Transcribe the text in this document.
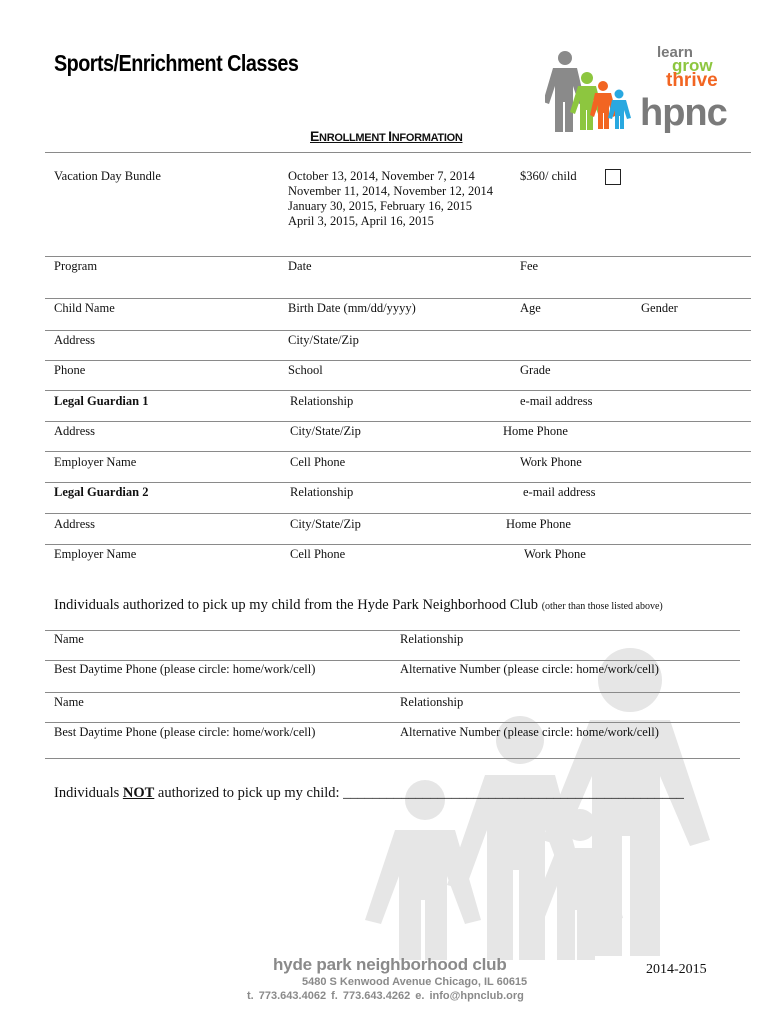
Sports/Enrichment Classes	learn
grow
thrive
hpnc
ENROLLMENT INFORMATION
Vacation Day Bundle	October 13, 2014, November 7, 2014
November 11, 2014, November 12, 2014
January 30, 2015, February 16, 2015
April 3, 2015, April 16, 2015
$360/ child
Program	Date	Fee
Child Name	Birth Date (mm/dd/yyyy)	Age	Gender
Address	City/State/Zip
Phone	School	Grade
Legal Guardian 1	Relationship	e-mail address
Address	City/State/Zip	Home Phone
Employer Name	Cell Phone	Work Phone
Legal Guardian 2	Relationship	e-mail address
Address	City/State/Zip	Home Phone
Employer Name	Cell Phone	Work Phone
Individuals authorized to pick up my child from the Hyde Park Neighborhood Club (other than those listed above)
Name	Relationship
Best Daytime Phone (please circle: home/work/cell)	Alternative Number (please circle: home/work/cell)
Name	Relationship
Best Daytime Phone (please circle: home/work/cell)	Alternative Number (please circle: home/work/cell)
Individuals NOT authorized to pick up my child: _______________________________________________
hyde park neighborhood club
5480 S Kenwood Avenue Chicago, IL 60615
t. 773.643.4062 f. 773.643.4262 e. info@hpnclub.org
2014-2015
